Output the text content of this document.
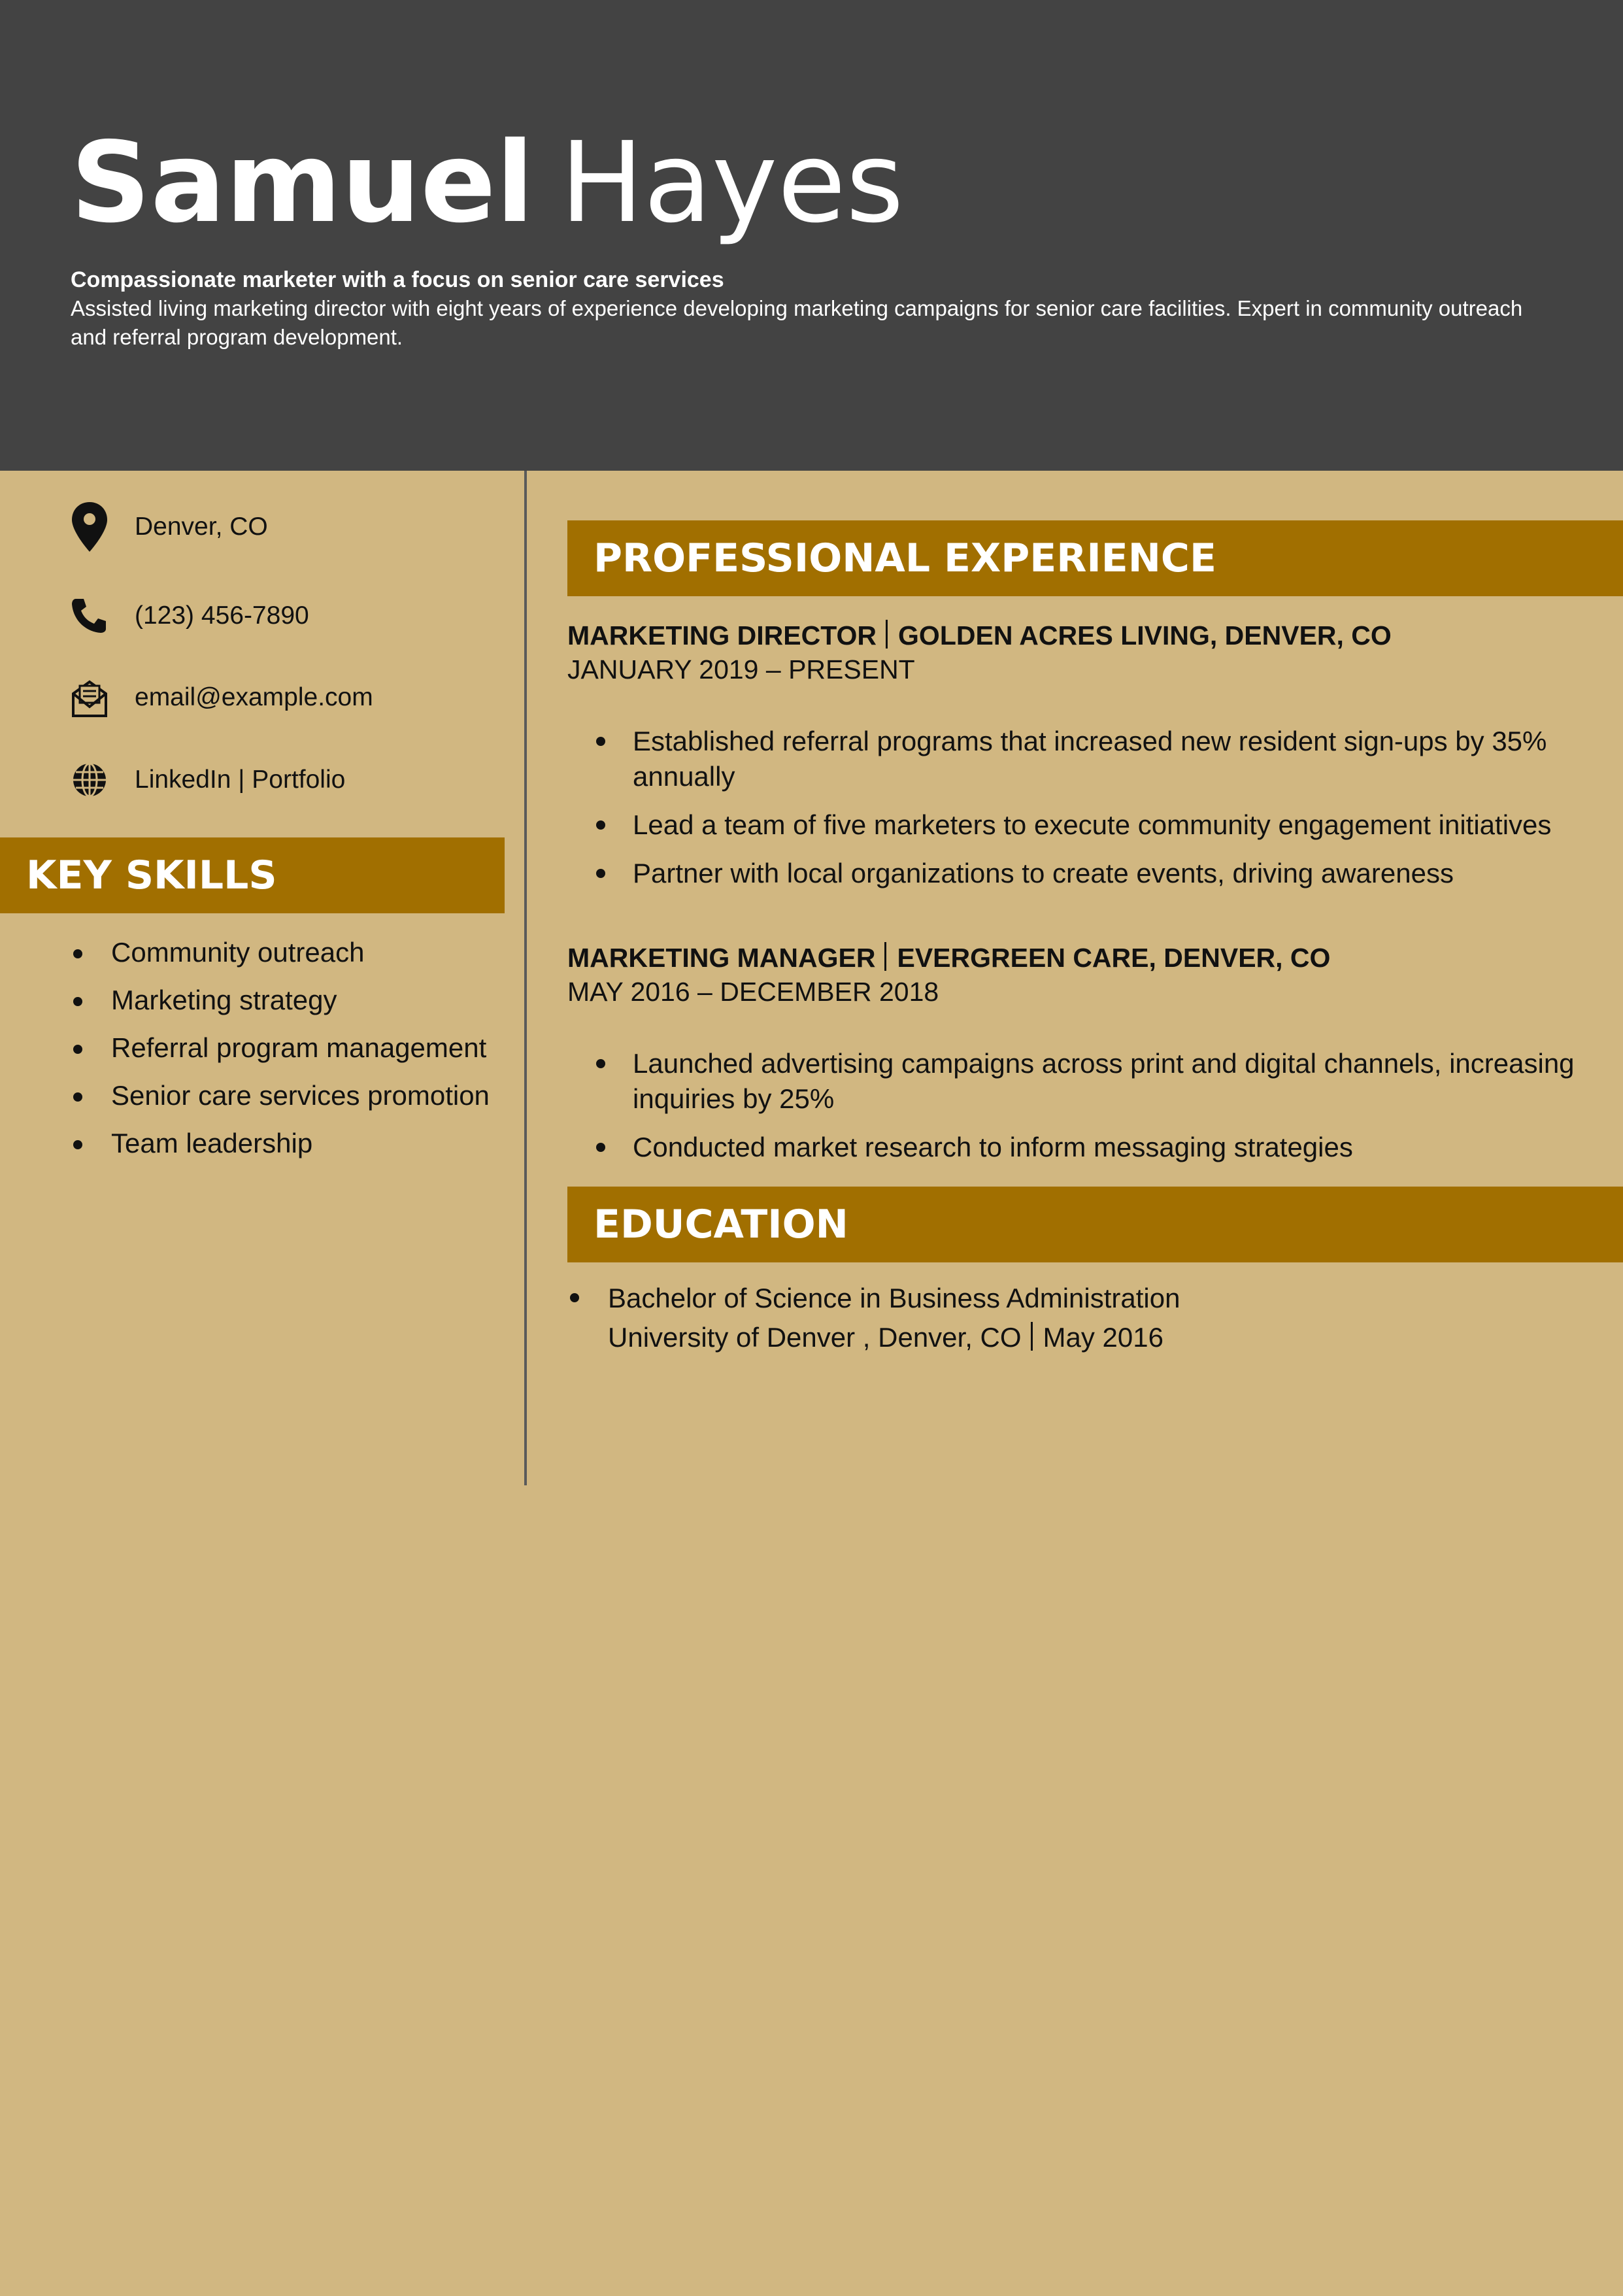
Samuel Hayes
Compassionate marketer with a focus on senior care services
Assisted living marketing director with eight years of experience developing marketing campaigns for senior care facilities. Expert in community outreach and referral program development.
Denver, CO
(123) 456-7890
email@example.com
LinkedIn | Portfolio
KEY SKILLS
Community outreach
Marketing strategy
Referral program management
Senior care services promotion
Team leadership
PROFESSIONAL EXPERIENCE
MARKETING DIRECTOR GOLDEN ACRES LIVING, DENVER, CO
JANUARY 2019 – PRESENT
Established referral programs that increased new resident sign-ups by 35% annually
Lead a team of five marketers to execute community engagement initiatives
Partner with local organizations to create events, driving awareness
MARKETING MANAGER EVERGREEN CARE, DENVER, CO
MAY 2016 – DECEMBER 2018
Launched advertising campaigns across print and digital channels, increasing inquiries by 25%
Conducted market research to inform messaging strategies
EDUCATION
Bachelor of Science in Business Administration
University of Denver , Denver, CO May 2016
